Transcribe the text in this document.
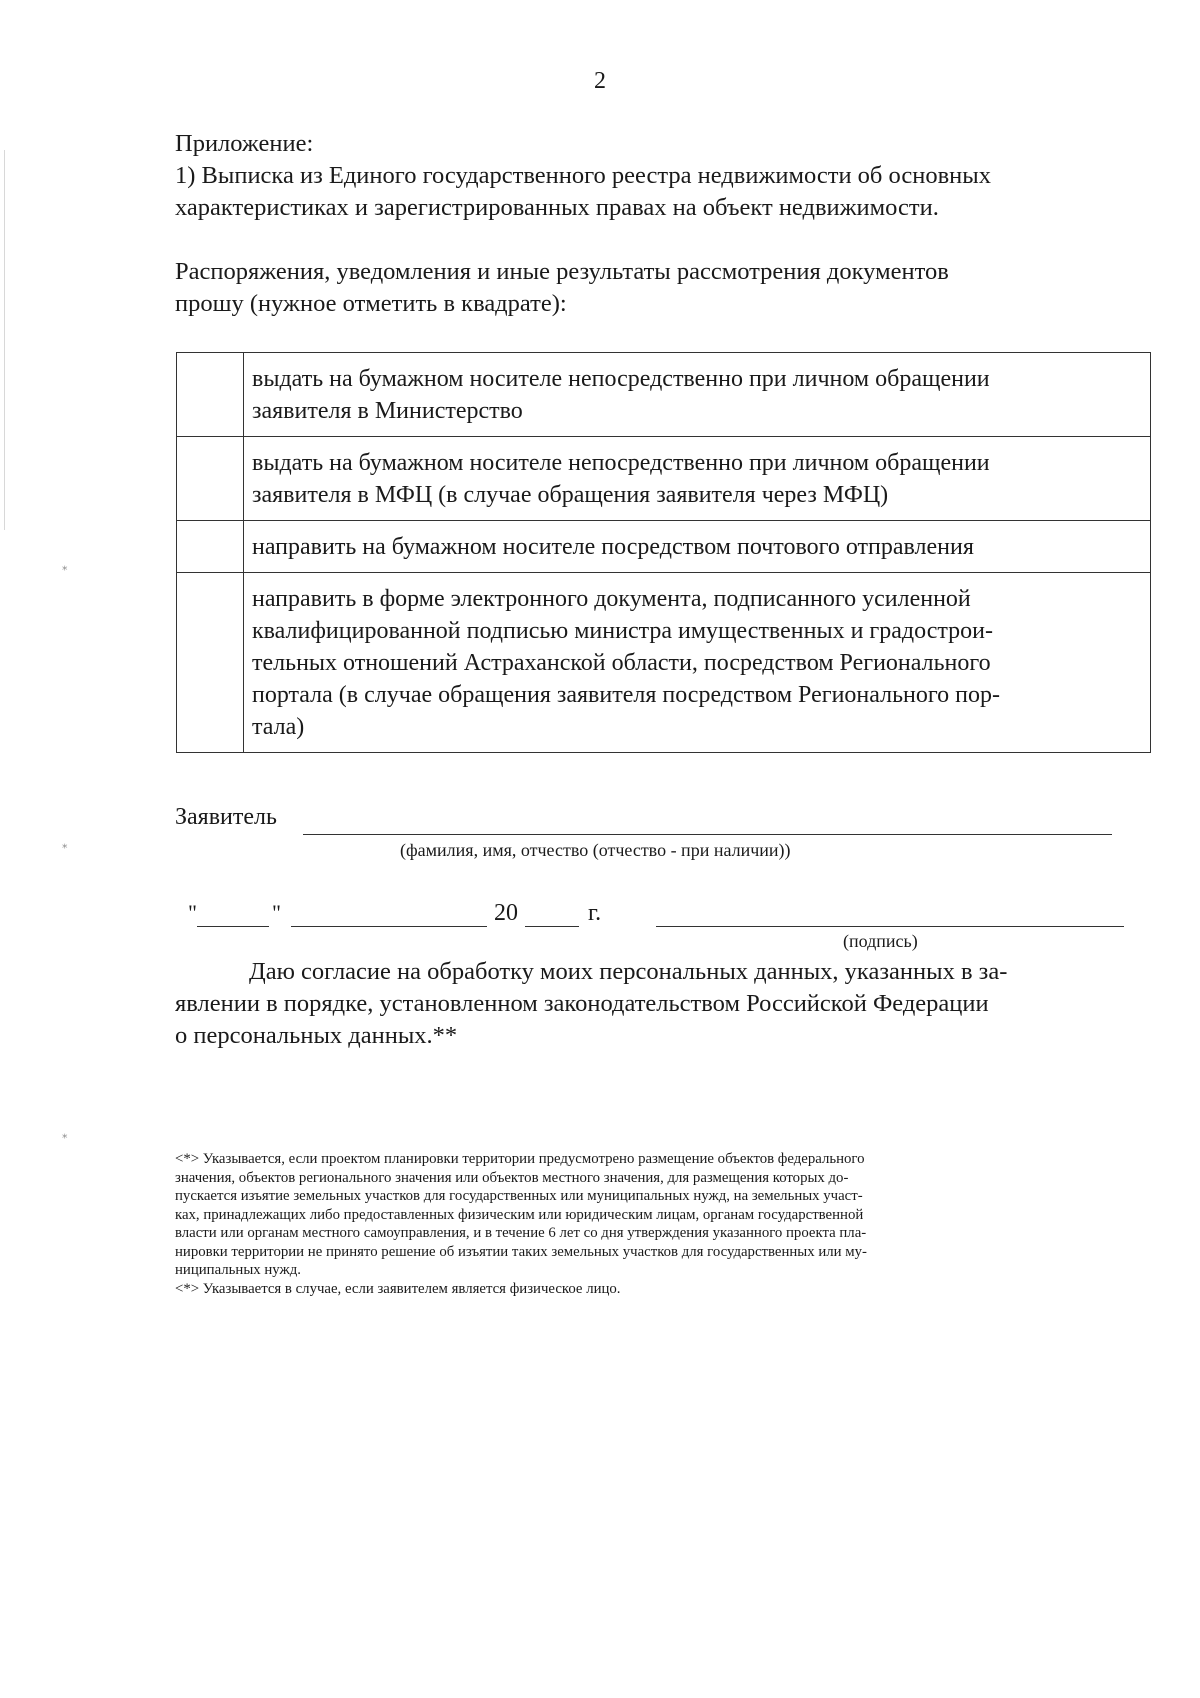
⁎
⁎
⁎
2
Приложение:
1) Выписка из Единого государственного реестра недвижимости об основных
характеристиках и зарегистрированных правах на объект недвижимости.
Распоряжения, уведомления и иные результаты рассмотрения документов
прошу (нужное отметить в квадрате):

	выдать на бумажном носителе непосредственно при личном обращении
заявителя в Министерство

	выдать на бумажном носителе непосредственно при личном обращении
заявителя в МФЦ (в случае обращения заявителя через МФЦ)

	направить на бумажном носителе посредством почтового отправления

	направить в форме электронного документа, подписанного усиленной
квалифицированной подписью министра имущественных и градострои-
тельных отношений Астраханской области, посредством Регионального
портала (в случае обращения заявителя посредством Регионального пор-
тала)
Заявитель
(фамилия, имя, отчество (отчество - при наличии))
"	"	20	г.
(подпись)
Даю согласие на обработку моих персональных данных, указанных в за-
явлении в порядке, установленном законодательством Российской Федерации
о персональных данных.**
<*> Указывается, если проектом планировки территории предусмотрено размещение объектов федерального
значения, объектов регионального значения или объектов местного значения, для размещения которых до-
пускается изъятие земельных участков для государственных или муниципальных нужд, на земельных участ-
ках, принадлежащих либо предоставленных физическим или юридическим лицам, органам государственной
власти или органам местного самоуправления, и в течение 6 лет со дня утверждения указанного проекта пла-
нировки территории не принято решение об изъятии таких земельных участков для государственных или му-
ниципальных нужд.
<*> Указывается в случае, если заявителем является физическое лицо.
